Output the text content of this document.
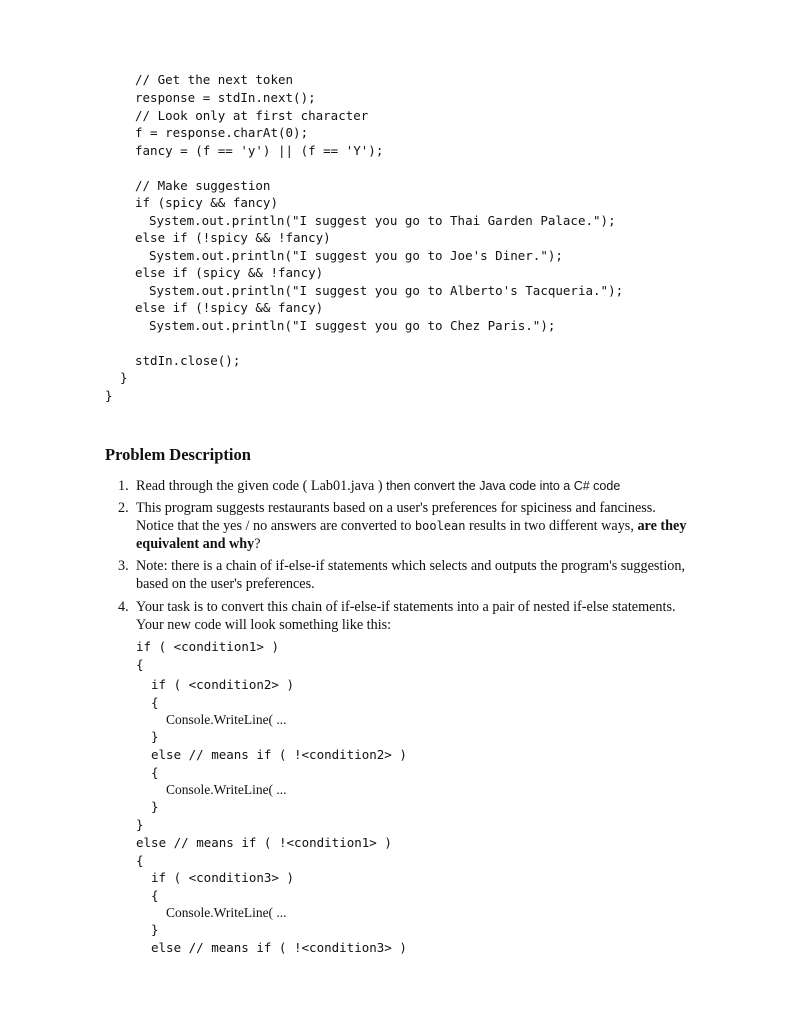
// Get the next token
response = stdIn.next();
// Look only at first character
f = response.charAt(0);
fancy = (f == 'y') || (f == 'Y');
// Make suggestion
if (spicy && fancy)
System.out.println("I suggest you go to Thai Garden Palace.");
else if (!spicy && !fancy)
System.out.println("I suggest you go to Joe's Diner.");
else if (spicy && !fancy)
System.out.println("I suggest you go to Alberto's Tacqueria.");
else if (!spicy && fancy)
System.out.println("I suggest you go to Chez Paris.");
stdIn.close();
}
}
Problem Description
1. Read through the given code ( Lab01.java ) then convert the Java code into a C# code
2. This program suggests restaurants based on a user's preferences for spiciness and fanciness.
Notice that the yes / no answers are converted to boolean results in two different ways, are they
equivalent and why?
3. Note: there is a chain of if-else-if statements which selects and outputs the program's suggestion,
based on the user's preferences.
4. Your task is to convert this chain of if-else-if statements into a pair of nested if-else statements.
Your new code will look something like this:
if ( <condition1> )
{
if ( <condition2> )
{
Console.WriteLine( ...
}
else // means if ( !<condition2> )
{
Console.WriteLine( ...
}
}
else // means if ( !<condition1> )
{
if ( <condition3> )
{
Console.WriteLine( ...
}
else // means if ( !<condition3> )
